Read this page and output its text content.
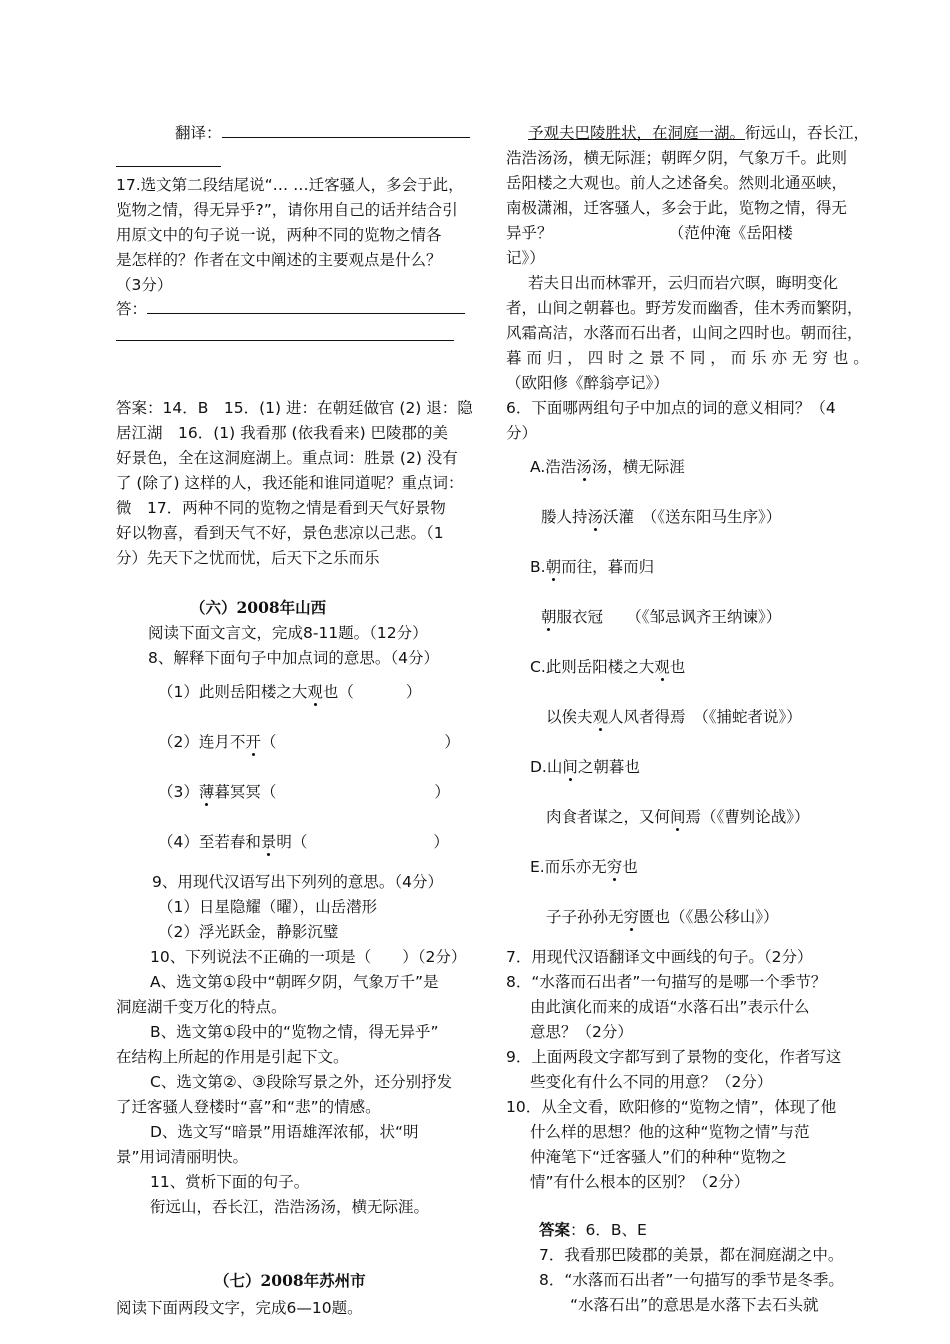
翻译：
17.选文第二段结尾说“… …迁客骚人，多会于此，
览物之情，得无异乎?”，请你用自己的话并结合引
用原文中的句子说一说，两种不同的览物之情各
是怎样的？作者在文中阐述的主要观点是什么？
（3分）
答：
答案：14．B　15．(1) 进：在朝廷做官 (2) 退：隐
居江湖　16．(1) 我看那 (依我看来) 巴陵郡的美
好景色，全在这洞庭湖上。重点词：胜景 (2) 没有
了 (除了) 这样的人，我还能和谁同道呢？重点词：
微　17．两种不同的览物之情是看到天气好景物
好以物喜，看到天气不好，景色悲凉以己悲。（1
分）先天下之忧而忧，后天下之乐而乐
（六）2008年山西
阅读下面文言文，完成8-11题。（12分）
8、解释下面句子中加点词的意思。（4分）
（1）此则岳阳楼之大观也（	）
（2）连月不开（	）
（3）薄暮冥冥（	）
（4）至若春和景明（	）
9、用现代汉语写出下列列的意思。（4分）
（1）日星隐耀（曜），山岳潜形
（2）浮光跃金，静影沉璧
10、下列说法不正确的一项是（　　）（2分）
A、选文第①段中“朝晖夕阴，气象万千”是
洞庭湖千变万化的特点。
B、选文第①段中的“览物之情，得无异乎”
在结构上所起的作用是引起下文。
C、选文第②、③段除写景之外，还分别抒发
了迁客骚人登楼时“喜”和“悲”的情感。
D、选文写“暗景”用语雄浑浓郁，状“明
景”用词清丽明快。
11、赏析下面的句子。
衔远山，吞长江，浩浩汤汤，横无际涯。
（七）2008年苏州市
阅读下面两段文字，完成6—10题。
予观夫巴陵胜状，在洞庭一湖。衔远山，吞长江，
浩浩汤汤，横无际涯；朝晖夕阴，气象万千。此则
岳阳楼之大观也。前人之述备矣。然则北通巫峡，
南极潇湘，迁客骚人，多会于此，览物之情，得无
异乎？　　　　　　　　（范仲淹《岳阳楼
记》）
若夫日出而林霏开，云归而岩穴暝，晦明变化
者，山间之朝暮也。野芳发而幽香，佳木秀而繁阴，
风霜高洁，水落而石出者，山间之四时也。朝而往，
暮 而 归 ， 四 时 之 景 不 同 ， 而 乐 亦 无 穷 也 。
（欧阳修《醉翁亭记》）
6．下面哪两组句子中加点的词的意义相同？（4
分）
A.浩浩汤汤，横无际涯
媵人持汤沃灌　（《送东阳马生序》）
B.朝而往，暮而归
朝服衣冠　　（《邹忌讽齐王纳谏》）
C.此则岳阳楼之大观也
以俟夫观人风者得焉　（《捕蛇者说》）
D.山间之朝暮也
肉食者谋之，又何间焉（《曹刿论战》）
E.而乐亦无穷也
子子孙孙无穷匮也（《愚公移山》）
7．用现代汉语翻译文中画线的句子。（2分）
8．“水落而石出者”一句描写的是哪一个季节？
由此演化而来的成语“水落石出”表示什么
意思？（2分）
9．上面两段文字都写到了景物的变化，作者写这
些变化有什么不同的用意？（2分）
10．从全文看，欧阳修的“览物之情”，体现了他
什么样的思想？他的这种“览物之情”与范
仲淹笔下“迁客骚人”们的种种“览物之
情”有什么根本的区别？（2分）
答案：6．B、E
7．我看那巴陵郡的美景，都在洞庭湖之中。
8．“水落而石出者”一句描写的季节是冬季。
“水落石出”的意思是水落下去石头就
